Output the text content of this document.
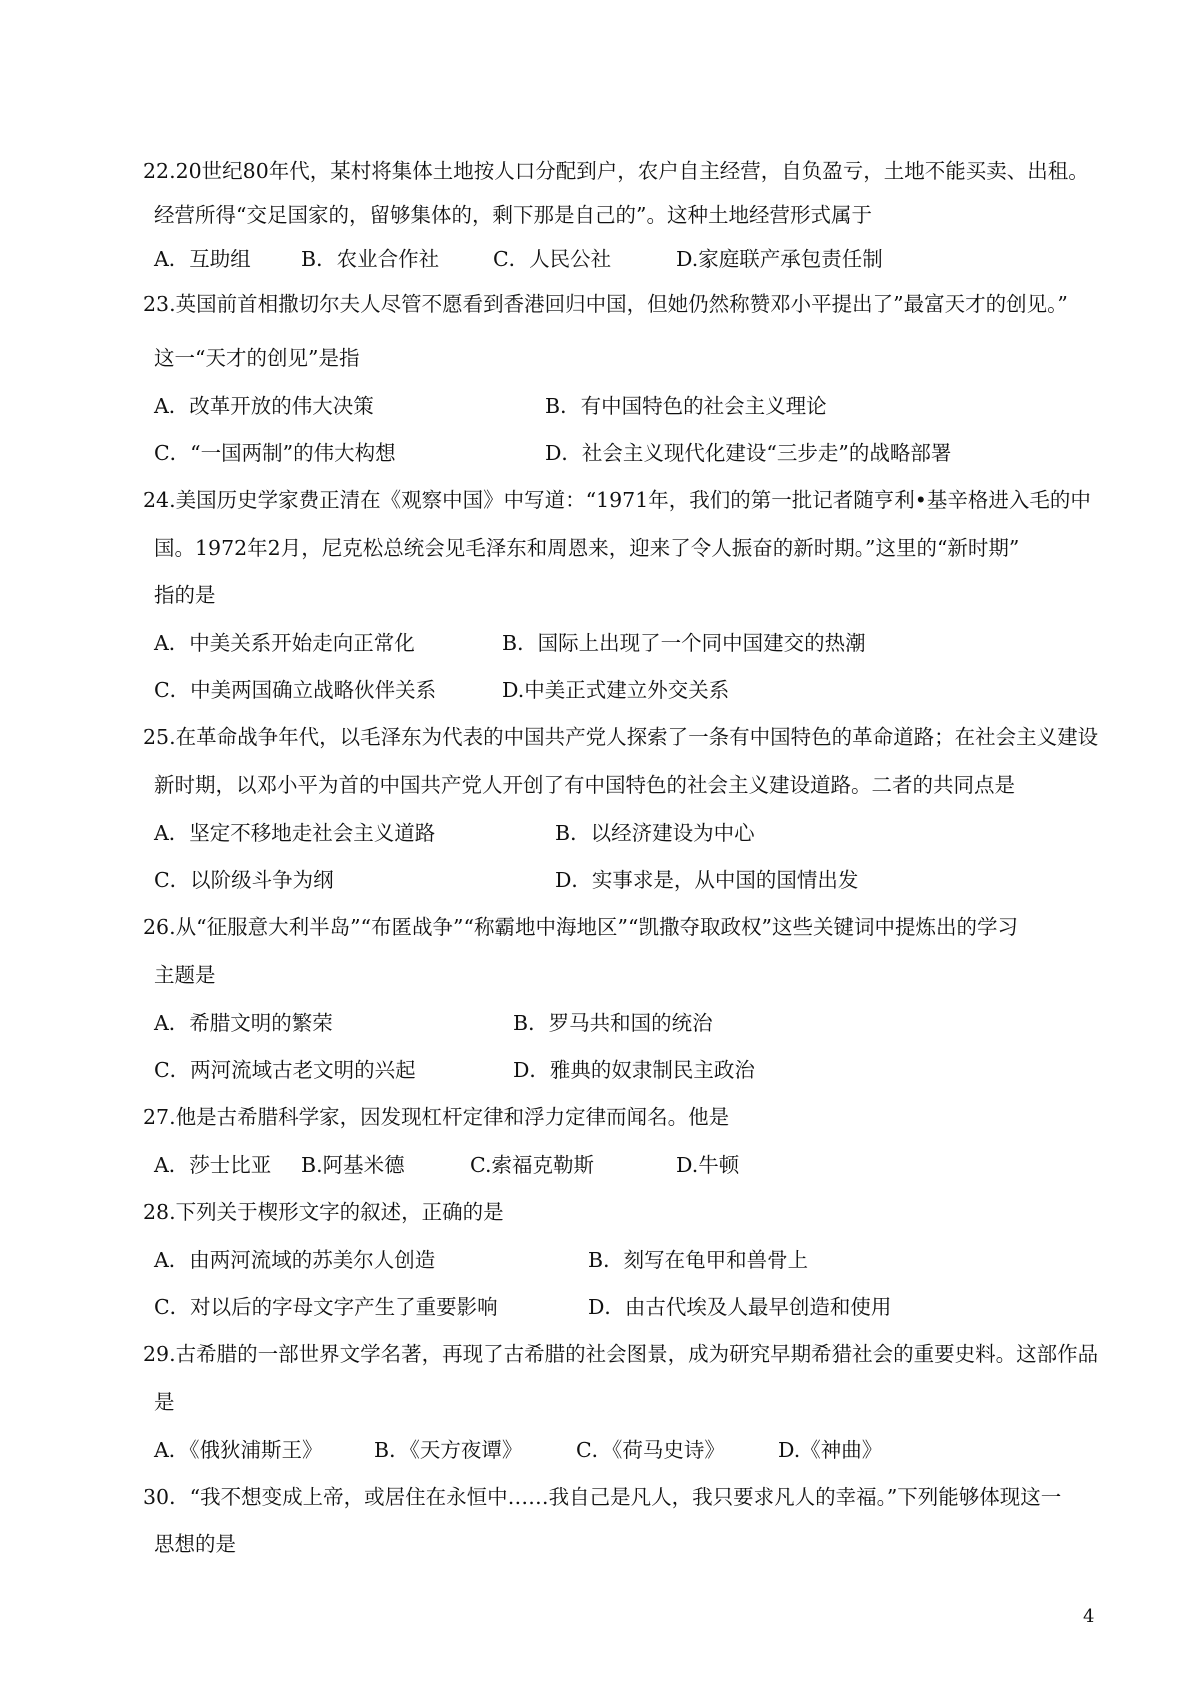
22.20世纪80年代，某村将集体土地按人口分配到户，农户自主经营，自负盈亏，土地不能买卖、出租。
经营所得“交足国家的，留够集体的，剩下那是自己的”。这种土地经营形式属于
A．互助组 B．农业合作社	C．人民公社	D.家庭联产承包责任制
23.英国前首相撒切尔夫人尽管不愿看到香港回归中国，但她仍然称赞邓小平提出了”最富天才的创见。”
这一“天才的创见”是指
A．改革开放的伟大决策	B．有中国特色的社会主义理论
C．“一国两制”的伟大构想	D．社会主义现代化建设“三步走”的战略部署
24.美国历史学家费正清在《观察中国》中写道：“1971年，我们的第一批记者随亨利•基辛格进入毛的中
国。1972年2月，尼克松总统会见毛泽东和周恩来，迎来了令人振奋的新时期。”这里的“新时期”
指的是
A．中美关系开始走向正常化	B．国际上出现了一个同中国建交的热潮
C．中美两国确立战略伙伴关系	D.中美正式建立外交关系
25.在革命战争年代，以毛泽东为代表的中国共产党人探索了一条有中国特色的革命道路；在社会主义建设
新时期，以邓小平为首的中国共产党人开创了有中国特色的社会主义建设道路。二者的共同点是
A．坚定不移地走社会主义道路	B．以经济建设为中心
C．以阶级斗争为纲	D．实事求是，从中国的国情出发
26.从“征服意大利半岛”“布匿战争”“称霸地中海地区”“凯撒夺取政权”这些关键词中提炼出的学习
主题是
A．希腊文明的繁荣	B．罗马共和国的统治
C．两河流域古老文明的兴起	D．雅典的奴隶制民主政治
27.他是古希腊科学家，因发现杠杆定律和浮力定律而闻名。他是
A．莎士比亚 B.阿基米德	C.索福克勒斯	D.牛顿
28.下列关于楔形文字的叙述，正确的是
A．由两河流域的苏美尔人创造	B．刻写在龟甲和兽骨上
C．对以后的字母文字产生了重要影响	D．由古代埃及人最早创造和使用
29.古希腊的一部世界文学名著，再现了古希腊的社会图景，成为研究早期希猎社会的重要史料。这部作品
是
A．《俄狄浦斯王》	B．《天方夜谭》	C．《荷马史诗》	D.《神曲》
30．“我不想变成上帝，或居住在永恒中……我自己是凡人，我只要求凡人的幸福。”下列能够体现这一
思想的是
4
